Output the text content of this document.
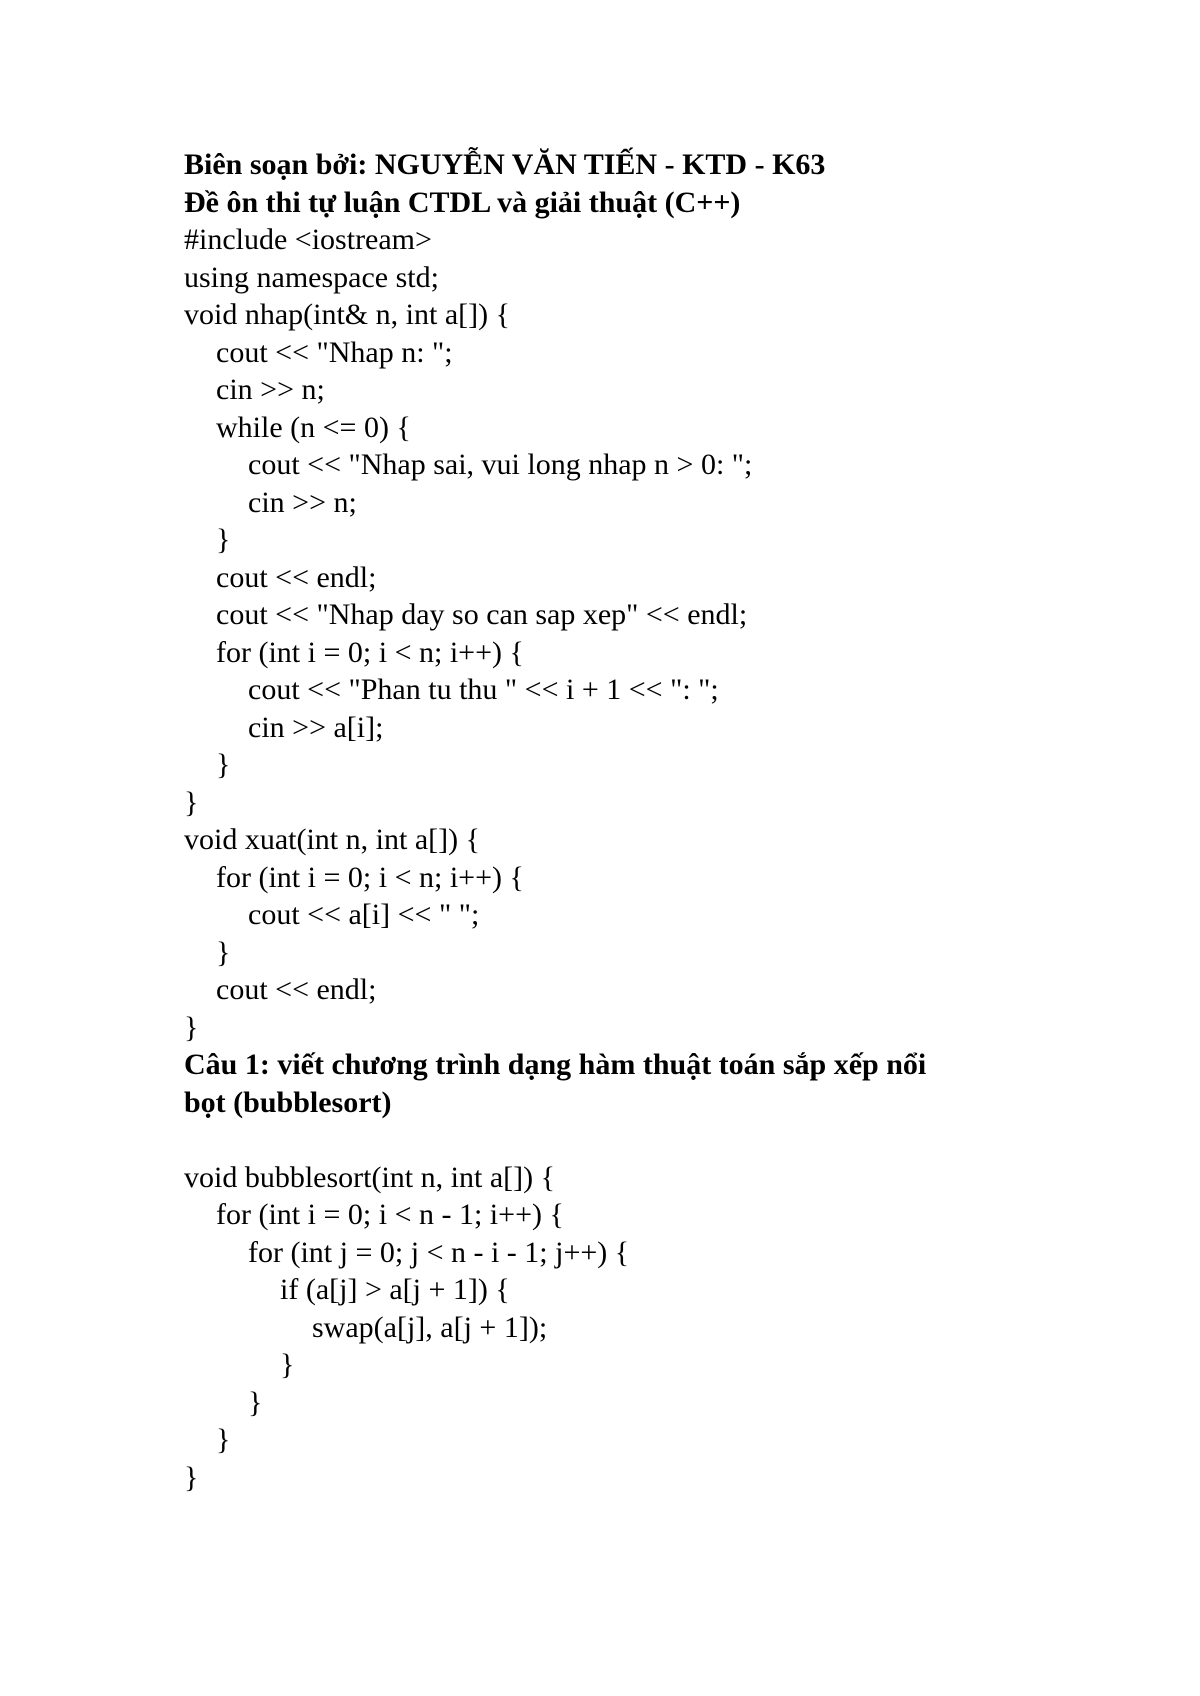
Biên soạn bởi: NGUYỄN VĂN TIẾN - KTD - K63
Đề ôn thi tự luận CTDL và giải thuật (C++)
#include <iostream>
using namespace std;
void nhap(int& n, int a[]) {
cout << "Nhap n: ";
cin >> n;
while (n <= 0) {
cout << "Nhap sai, vui long nhap n > 0: ";
cin >> n;
}
cout << endl;
cout << "Nhap day so can sap xep" << endl;
for (int i = 0; i < n; i++) {
cout << "Phan tu thu " << i + 1 << ": ";
cin >> a[i];
}
}
void xuat(int n, int a[]) {
for (int i = 0; i < n; i++) {
cout << a[i] << " ";
}
cout << endl;
}
Câu 1: viết chương trình dạng hàm thuật toán sắp xếp nổi
bọt (bubblesort)
void bubblesort(int n, int a[]) {
for (int i = 0; i < n - 1; i++) {
for (int j = 0; j < n - i - 1; j++) {
if (a[j] > a[j + 1]) {
swap(a[j], a[j + 1]);
}
}
}
}
